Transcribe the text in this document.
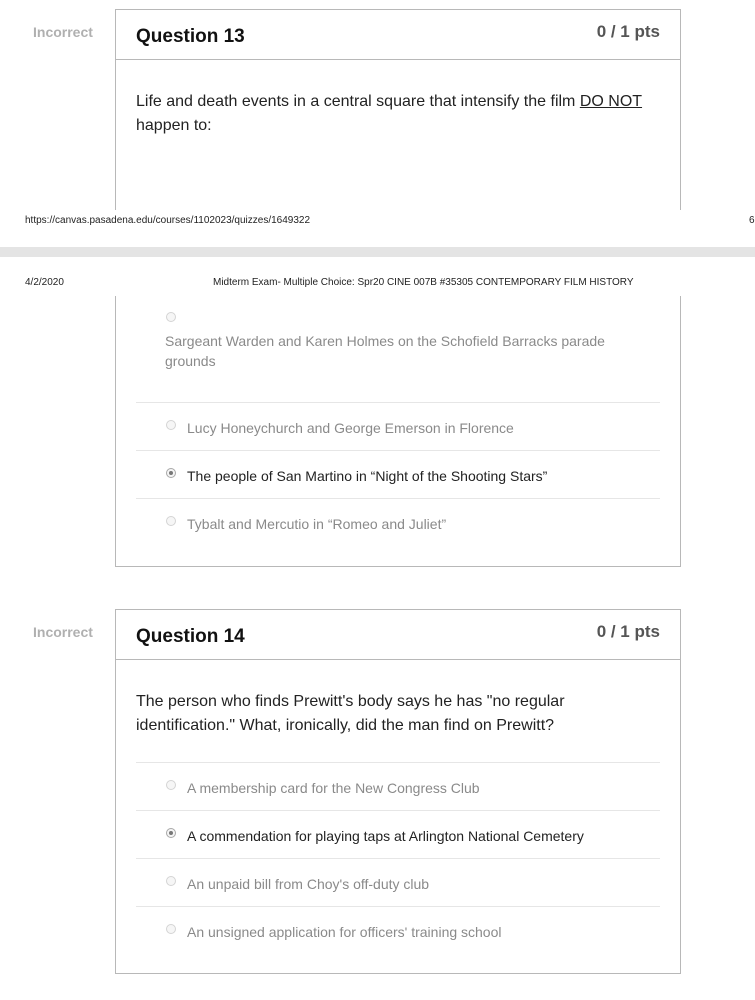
Incorrect Question 13	0 / 1 pts
Life and death events in a central square that intensify the film DO NOT
happen to:
https://canvas.pasadena.edu/courses/1102023/quizzes/1649322	6
4/2/2020	Midterm Exam- Multiple Choice: Spr20 CINE 007B #35305 CONTEMPORARY FILM HISTORY
Sargeant Warden and Karen Holmes on the Schofield Barracks parade grounds
Lucy Honeychurch and George Emerson in Florence
The people of San Martino in “Night of the Shooting Stars”
Tybalt and Mercutio in “Romeo and Juliet”
Incorrect Question 14	0 / 1 pts
The person who finds Prewitt's body says he has "no regular
identification." What, ironically, did the man find on Prewitt?
A membership card for the New Congress Club
A commendation for playing taps at Arlington National Cemetery
An unpaid bill from Choy's off-duty club
An unsigned application for officers' training school
